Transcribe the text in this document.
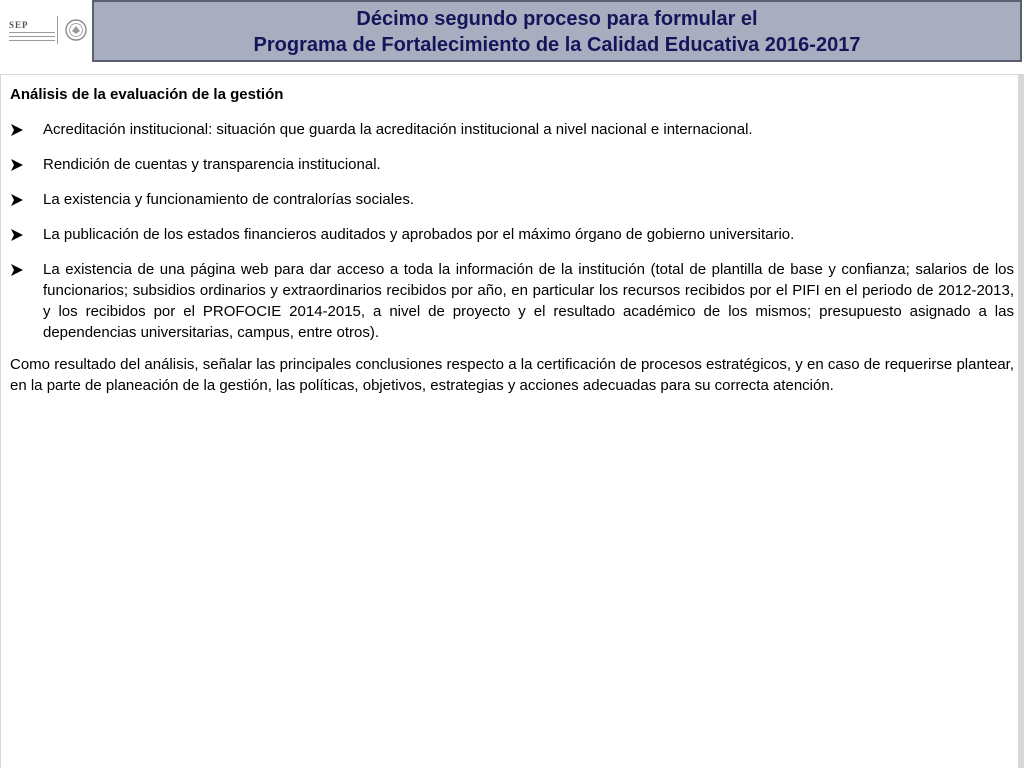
SEP	Décimo segundo proceso para formular el
Programa de Fortalecimiento de la Calidad Educativa 2016-2017

Análisis de la evaluación de la gestión

Acreditación institucional: situación que guarda la acreditación institucional a nivel nacional e internacional.
Rendición de cuentas y transparencia institucional.
La existencia y funcionamiento de contralorías sociales.
La publicación de los estados financieros auditados y aprobados por el máximo órgano de gobierno universitario.
La existencia de una página web para dar acceso a toda la información de la institución (total de plantilla de base y confianza; salarios de los funcionarios; subsidios ordinarios y extraordinarios recibidos por año, en particular los recursos recibidos por el PIFI en el periodo de 2012-2013, y los recibidos por el PROFOCIE 2014-2015, a nivel de proyecto y el resultado académico de los mismos; presupuesto asignado a las dependencias universitarias, campus, entre otros).

Como resultado del análisis, señalar las principales conclusiones respecto a la certificación de procesos estratégicos, y en caso de requerirse plantear, en la parte de planeación de la gestión, las políticas, objetivos, estrategias y acciones adecuadas para su correcta atención.
